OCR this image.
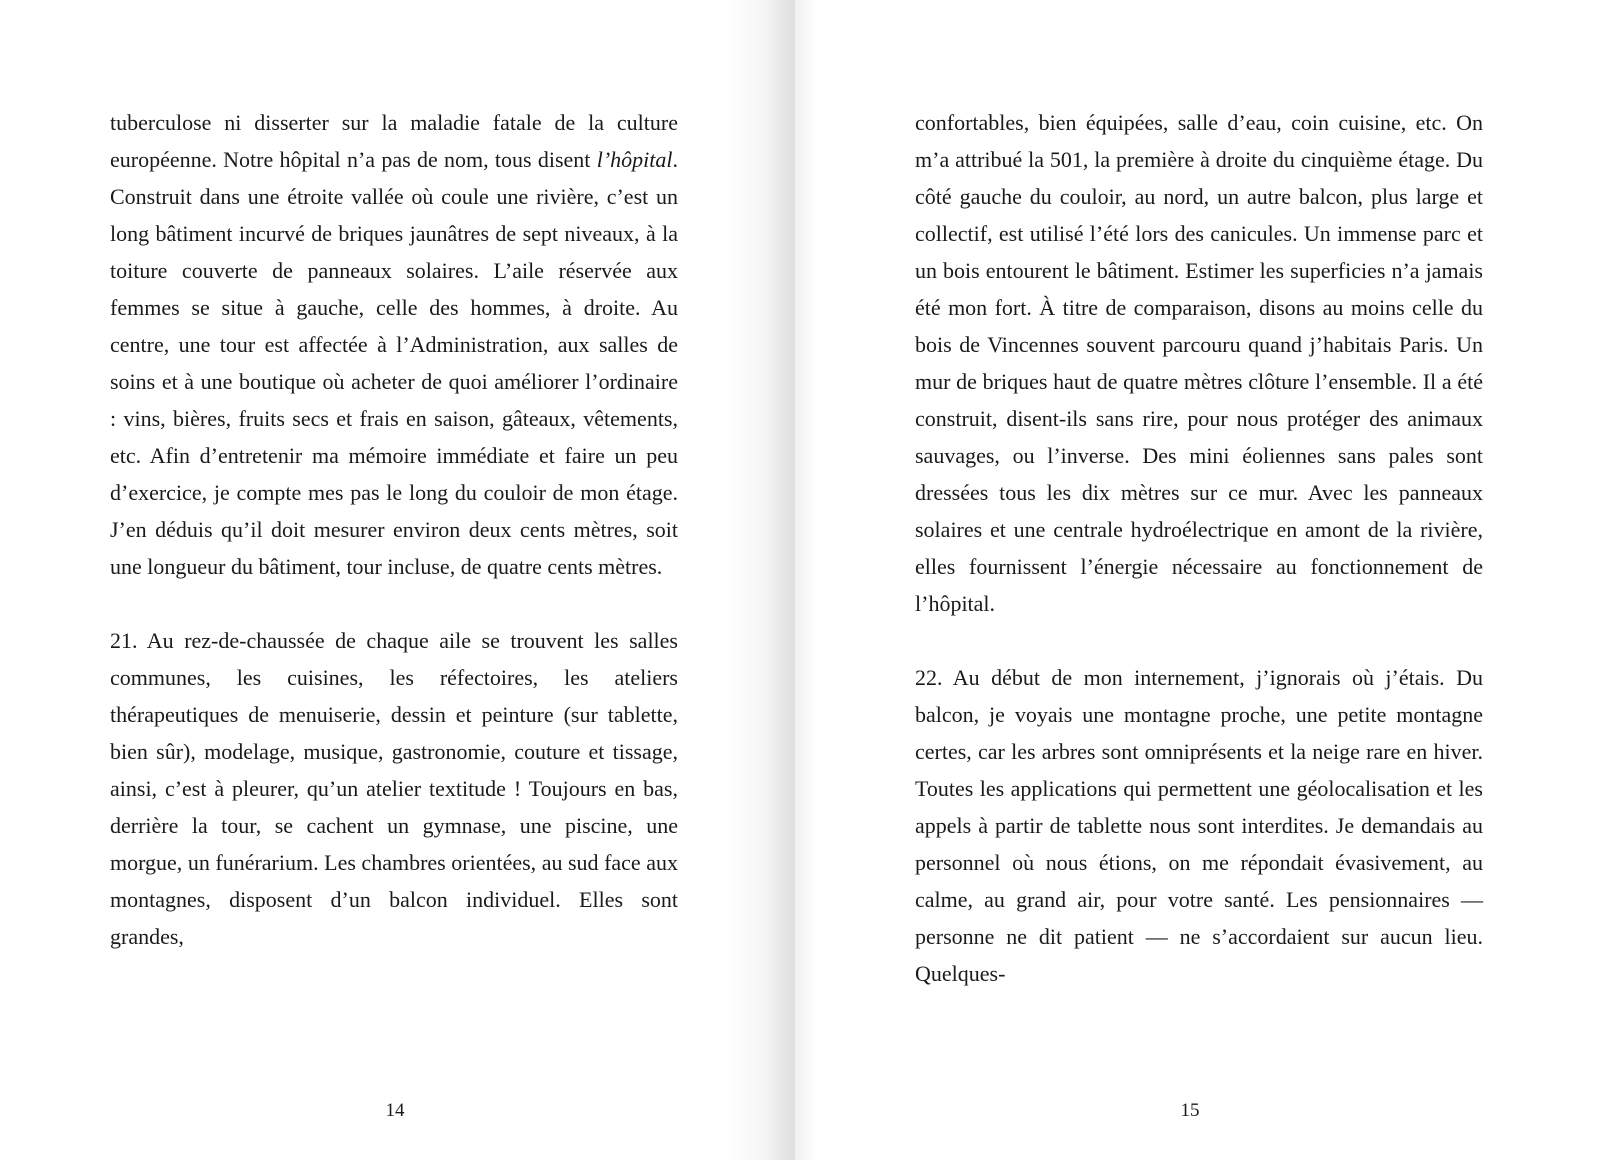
tuberculose ni disserter sur la maladie fatale de la culture européenne. Notre hôpital n’a pas de nom, tous disent l’hôpital. Construit dans une étroite vallée où coule une rivière, c’est un long bâtiment incurvé de briques jaunâtres de sept niveaux, à la toiture couverte de panneaux solaires. L’aile réservée aux femmes se situe à gauche, celle des hommes, à droite. Au centre, une tour est affectée à l’Administration, aux salles de soins et à une boutique où acheter de quoi améliorer l’ordinaire : vins, bières, fruits secs et frais en saison, gâteaux, vêtements, etc. Afin d’entretenir ma mémoire immédiate et faire un peu d’exercice, je compte mes pas le long du couloir de mon étage. J’en déduis qu’il doit mesurer environ deux cents mètres, soit une longueur du bâtiment, tour incluse, de quatre cents mètres.

21. Au rez-de-chaussée de chaque aile se trouvent les salles communes, les cuisines, les réfectoires, les ateliers thérapeutiques de menuiserie, dessin et peinture (sur tablette, bien sûr), modelage, musique, gastronomie, couture et tissage, ainsi, c’est à pleurer, qu’un atelier textitude ! Toujours en bas, derrière la tour, se cachent un gymnase, une piscine, une morgue, un funérarium. Les chambres orientées, au sud face aux montagnes, disposent d’un balcon individuel. Elles sont grandes,

14

confortables, bien équipées, salle d’eau, coin cuisine, etc. On m’a attribué la 501, la première à droite du cinquième étage. Du côté gauche du couloir, au nord, un autre balcon, plus large et collectif, est utilisé l’été lors des canicules. Un immense parc et un bois entourent le bâtiment. Estimer les superficies n’a jamais été mon fort. À titre de comparaison, disons au moins celle du bois de Vincennes souvent parcouru quand j’habitais Paris. Un mur de briques haut de quatre mètres clôture l’ensemble. Il a été construit, disent-ils sans rire, pour nous protéger des animaux sauvages, ou l’inverse. Des mini éoliennes sans pales sont dressées tous les dix mètres sur ce mur. Avec les panneaux solaires et une centrale hydroélectrique en amont de la rivière, elles fournissent l’énergie nécessaire au fonctionnement de l’hôpital.

22. Au début de mon internement, j’ignorais où j’étais. Du balcon, je voyais une montagne proche, une petite montagne certes, car les arbres sont omniprésents et la neige rare en hiver. Toutes les applications qui permettent une géolocalisation et les appels à partir de tablette nous sont interdites. Je demandais au personnel où nous étions, on me répondait évasivement, au calme, au grand air, pour votre santé. Les pensionnaires — personne ne dit patient — ne s’accordaient sur aucun lieu. Quelques-

15
